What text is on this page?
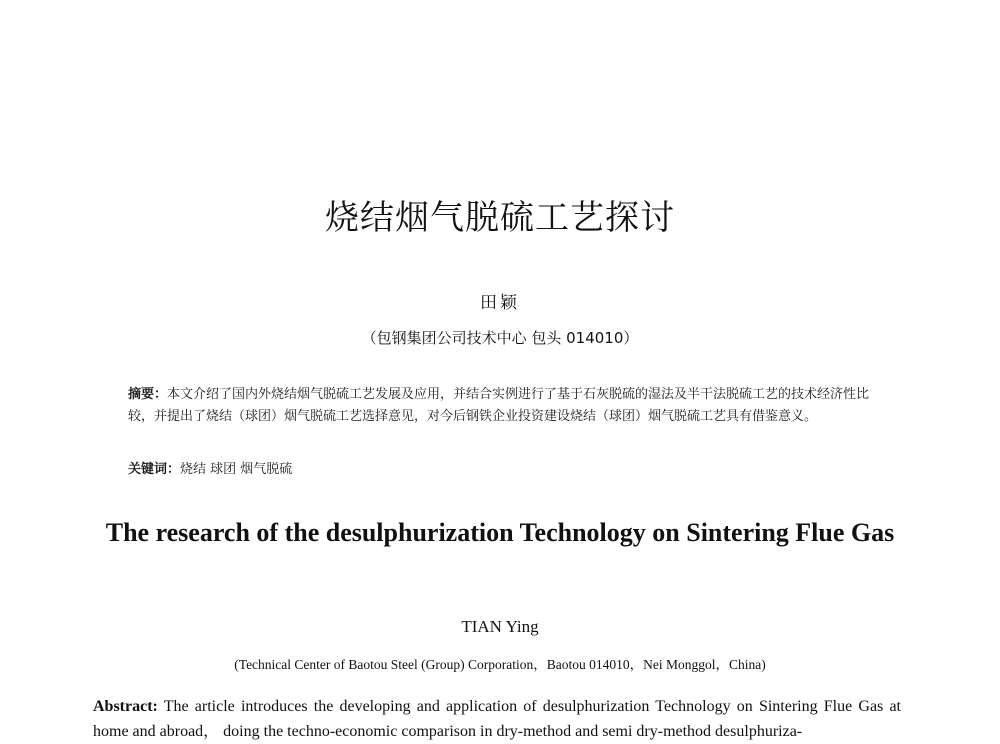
烧结烟气脱硫工艺探讨
田颖
（包钢集团公司技术中心 包头 014010）
摘要：本文介绍了国内外烧结烟气脱硫工艺发展及应用，并结合实例进行了基于石灰脱硫的湿法及半干法脱硫工艺的技术经济性比较，并提出了烧结（球团）烟气脱硫工艺选择意见，对今后钢铁企业投资建设烧结（球团）烟气脱硫工艺具有借鉴意义。
关键词：烧结 球团 烟气脱硫
The research of the desulphurization Technology on Sintering Flue Gas
TIAN Ying
(Technical Center of Baotou Steel (Group) Corporation，Baotou 014010，Nei Monggol，China)
Abstract: The article introduces the developing and application of desulphurization Technology on Sintering Flue Gas at home and abroad， doing the techno-economic comparison in dry-method and semi dry-method desulphuriza-
